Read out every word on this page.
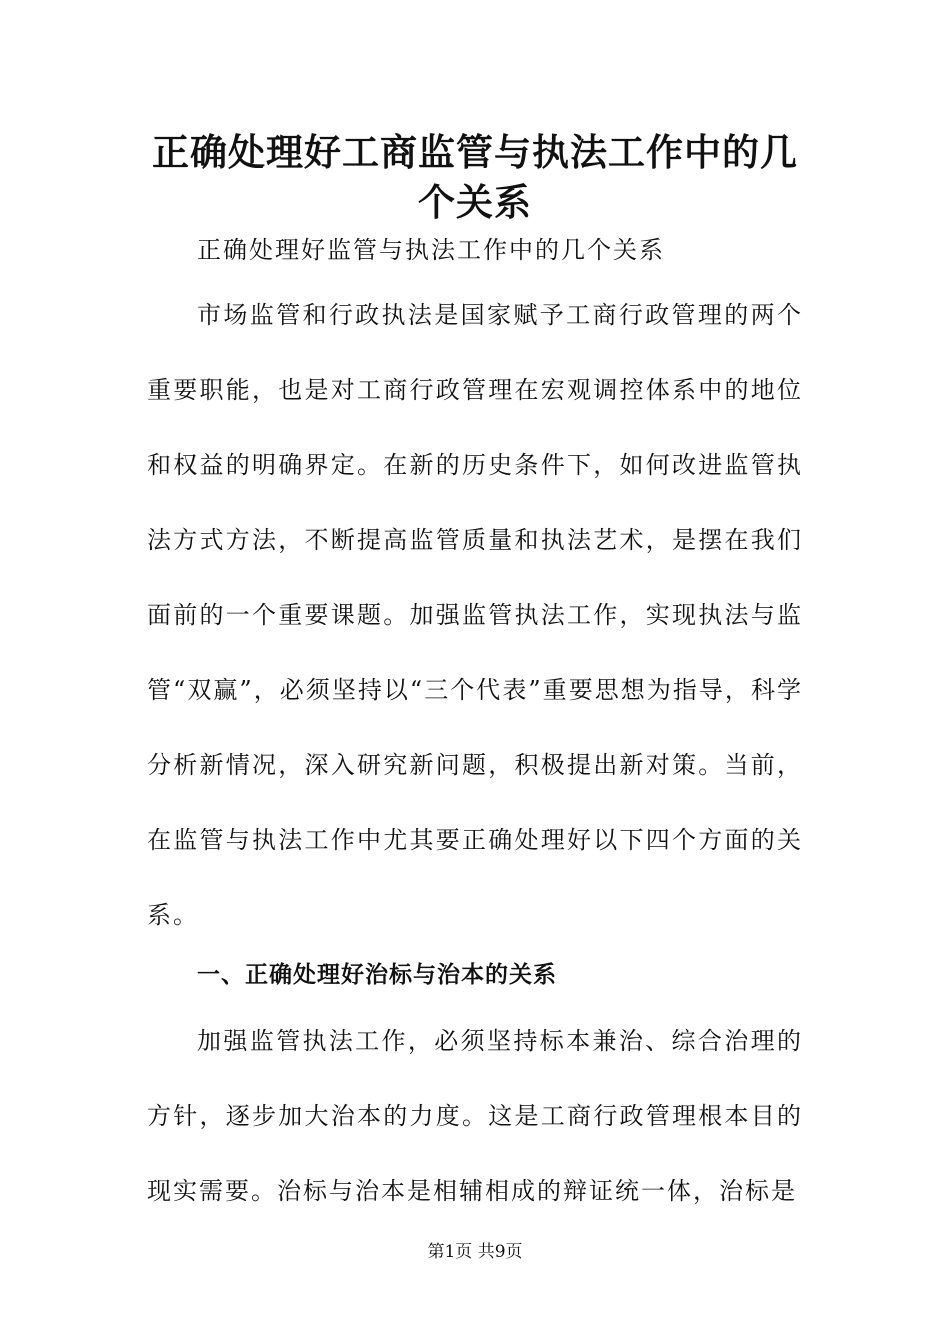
正确处理好工商监管与执法工作中的几个关系
正确处理好监管与执法工作中的几个关系

市场监管和行政执法是国家赋予工商行政管理的两个重要职能，也是对工商行政管理在宏观调控体系中的地位和权益的明确界定。在新的历史条件下，如何改进监管执法方式方法，不断提高监管质量和执法艺术，是摆在我们面前的一个重要课题。加强监管执法工作，实现执法与监管“双赢”，必须坚持以“三个代表”重要思想为指导，科学分析新情况，深入研究新问题，积极提出新对策。当前，在监管与执法工作中尤其要正确处理好以下四个方面的关系。

一、正确处理好治标与治本的关系

加强监管执法工作，必须坚持标本兼治、综合治理的方针，逐步加大治本的力度。这是工商行政管理根本目的现实需要。治标与治本是相辅相成的辩证统一体，治标是

第1页 共9页
